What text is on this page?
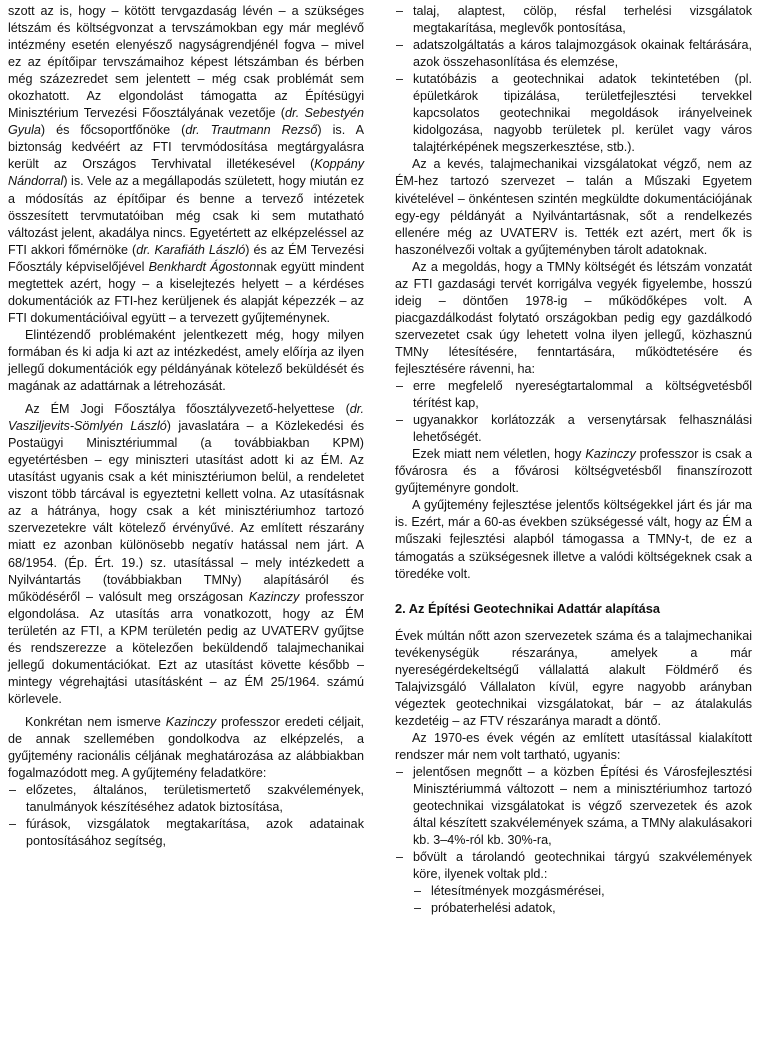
szott az is, hogy – kötött tervgazdaság lévén – a szükséges létszám és költségvonzat a tervszámokban egy már meglévő intézmény esetén elenyésző nagyságrendjénél fogva – mivel ez az építőipar tervszámaihoz képest létszámban és bérben még százezredet sem jelentett – még csak problémát sem okozhatott. Az elgondolást támogatta az Építésügyi Minisztérium Tervezési Főosztályának vezetője (dr. Sebestyén Gyula) és főcsoportfőnöke (dr. Trautmann Rezső) is. A biztonság kedvéért az FTI tervmódosítása megtárgyalásra került az Országos Tervhivatal illetékesével (Koppány Nándorral) is. Vele az a megállapodás született, hogy miután ez a módosítás az építőipar és benne a tervező intézetek összesített tervmutatóiban még csak ki sem mutatható változást jelent, akadálya nincs. Egyetértett az elképzeléssel az FTI akkori főmérnöke (dr. Karafiáth László) és az ÉM Tervezési Főosztály képviselőjével Benkhardt Ágostonnak együtt mindent megtettek azért, hogy – a kiselejtezés helyett – a kérdéses dokumentációk az FTI-hez kerüljenek és alapját képezzék – az FTI dokumentációival együtt – a tervezett gyűjteménynek.

Elintézendő problémaként jelentkezett még, hogy milyen formában és ki adja ki azt az intézkedést, amely előírja az ilyen jellegű dokumentációk egy példányának kötelező beküldését és magának az adattárnak a létrehozását.

Az ÉM Jogi Főosztálya főosztályvezető-helyettese (dr. Vasziljevits-Sömlyén László) javaslatára – a Közlekedési és Postaügyi Minisztériummal (a továbbiakban KPM) egyetértésben – egy miniszteri utasítást adott ki az ÉM. Az utasítást ugyanis csak a két minisztériumon belül, a rendeletet viszont több tárcával is egyeztetni kellett volna. Az utasításnak az a hátránya, hogy csak a két minisztériumhoz tartozó szervezetekre vált kötelező érvényűvé. Az említett részarány miatt ez azonban különösebb negatív hatással nem járt. A 68/1954. (Ép. Ért. 19.) sz. utasítással – mely intézkedett a Nyilvántartás (továbbiakban TMNy) alapításáról és működéséről – valósult meg országosan Kazinczy professzor elgondolása. Az utasítás arra vonatkozott, hogy az ÉM területén az FTI, a KPM területén pedig az UVATERV gyűjtse és rendszerezze a kötelezően beküldendő talajmechanikai jellegű dokumentációkat. Ezt az utasítást követte később – mintegy végrehajtási utasításként – az ÉM 25/1964. számú körlevele.

Konkrétan nem ismerve Kazinczy professzor eredeti céljait, de annak szellemében gondolkodva az elképzelés, a gyűjtemény racionális céljának meghatározása az alábbiakban fogalmazódott meg. A gyűjtemény feladatköre:

– előzetes, általános, területismertető szakvélemények, tanulmányok készítéséhez adatok biztosítása,

– fúrások, vizsgálatok megtakarítása, azok adatainak pontosításához segítség,

– talaj, alaptest, cölöp, résfal terhelési vizsgálatok megtakarítása, meglevők pontosítása,

– adatszolgáltatás a káros talajmozgások okainak feltárására, azok összehasonlítása és elemzése,

– kutatóbázis a geotechnikai adatok tekintetében (pl. épületkárok tipizálása, területfejlesztési tervekkel kapcsolatos geotechnikai megoldások irányelveinek kidolgozása, nagyobb területek pl. kerület vagy város talajtérképének megszerkesztése, stb.).

Az a kevés, talajmechanikai vizsgálatokat végző, nem az ÉM-hez tartozó szervezet – talán a Műszaki Egyetem kivételével – önkéntesen szintén megküldte dokumentációjának egy-egy példányát a Nyilvántartásnak, sőt a rendelkezés ellenére még az UVATERV is. Tették ezt azért, mert ők is haszonélvezői voltak a gyűjteményben tárolt adatoknak.

Az a megoldás, hogy a TMNy költségét és létszám vonzatát az FTI gazdasági tervét korrigálva vegyék figyelembe, hosszú ideig – döntően 1978-ig – működőképes volt. A piacgazdálkodást folytató országokban pedig egy gazdálkodó szervezetet csak úgy lehetett volna ilyen jellegű, közhasznú TMNy létesítésére, fenntartására, működtetésére és fejlesztésére rávenni, ha:

– erre megfelelő nyereségtartalommal a költségvetésből térítést kap,

– ugyanakkor korlátozzák a versenytársak felhasználási lehetőségét.

Ezek miatt nem véletlen, hogy Kazinczy professzor is csak a fővárosra és a fővárosi költségvetésből finanszírozott gyűjteményre gondolt.

A gyűjtemény fejlesztése jelentős költségekkel járt és jár ma is. Ezért, már a 60-as években szükségessé vált, hogy az ÉM a műszaki fejlesztési alapból támogassa a TMNy-t, de ez a támogatás a szükségesnek illetve a valódi költségeknek csak a töredéke volt.

2. Az Építési Geotechnikai Adattár alapítása

Évek múltán nőtt azon szervezetek száma és a talajmechanikai tevékenységük részaránya, amelyek a már nyereségérdekeltségű vállalattá alakult Földmérő és Talajvizsgáló Vállalaton kívül, egyre nagyobb arányban végeztek geotechnikai vizsgálatokat, bár – az átalakulás kezdetéig – az FTV részaránya maradt a döntő.

Az 1970-es évek végén az említett utasítással kialakított rendszer már nem volt tartható, ugyanis:

– jelentősen megnőtt – a közben Építési és Városfejlesztési Minisztériummá változott – nem a minisztériumhoz tartozó geotechnikai vizsgálatokat is végző szervezetek és azok által készített szakvélemények száma, a TMNy alakulásakori kb. 3–4%-ról kb. 30%-ra,

– bővült a tárolandó geotechnikai tárgyú szakvélemények köre, ilyenek voltak pld.:

– létesítmények mozgásmérései,

– próbaterhelési adatok,
